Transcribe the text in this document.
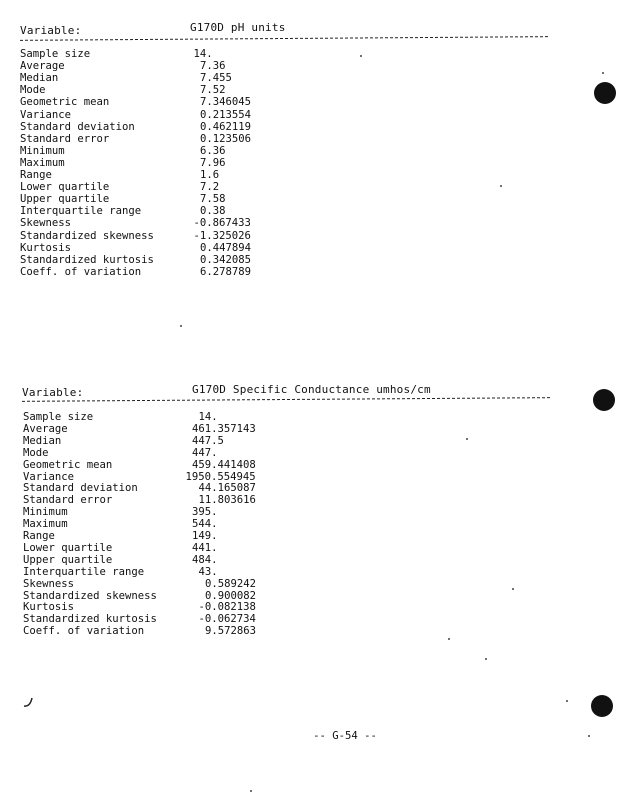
Variable:	G170D pH units
Sample size	14.
Average	7.36
Median	7.455
Mode	7.52
Geometric mean	7.346045
Variance	0.213554
Standard deviation	0.462119
Standard error	0.123506
Minimum	6.36
Maximum	7.96
Range	1.6
Lower quartile	7.2
Upper quartile	7.58
Interquartile range	0.38
Skewness	-0.867433
Standardized skewness	-1.325026
Kurtosis	0.447894
Standardized kurtosis	0.342085
Coeff. of variation	6.278789
Variable:	G170D Specific Conductance umhos/cm
Sample size	14.
Average	461.357143
Median	447.5
Mode	447.
Geometric mean	459.441408
Variance	1950.554945
Standard deviation	44.165087
Standard error	11.803616
Minimum	395.
Maximum	544.
Range	149.
Lower quartile	441.
Upper quartile	484.
Interquartile range	43.
Skewness	0.589242
Standardized skewness	0.900082
Kurtosis	-0.082138
Standardized kurtosis	-0.062734
Coeff. of variation	9.572863
-- G-54 --
